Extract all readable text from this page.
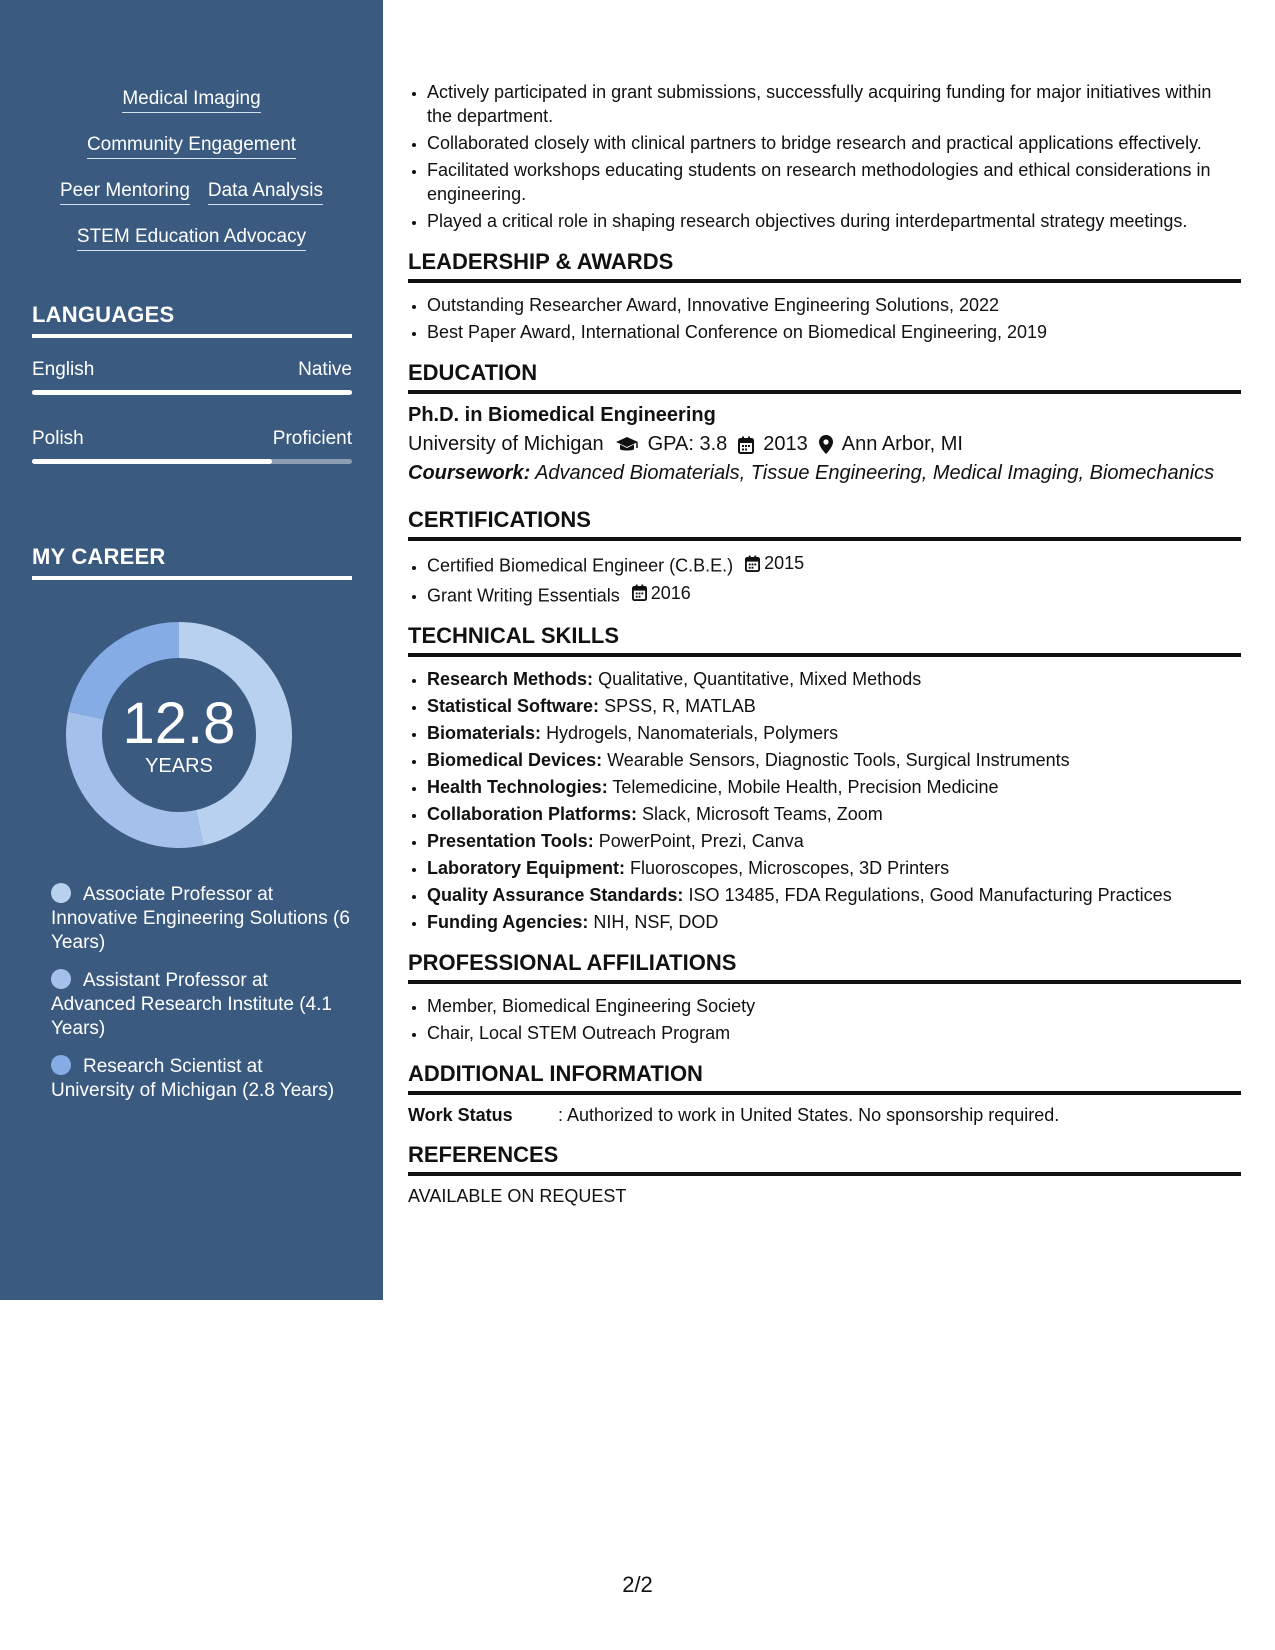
Medical Imaging
Community Engagement
Peer Mentoring Data Analysis
STEM Education Advocacy
LANGUAGES
English	Native
Polish	Proficient
MY CAREER
12.8
YEARS
Associate Professor at Innovative Engineering Solutions (6 Years)
Assistant Professor at Advanced Research Institute (4.1 Years)
Research Scientist at University of Michigan (2.8 Years)
• Actively participated in grant submissions, successfully acquiring funding for major initiatives within the department.
• Collaborated closely with clinical partners to bridge research and practical applications effectively.
• Facilitated workshops educating students on research methodologies and ethical considerations in engineering.
• Played a critical role in shaping research objectives during interdepartmental strategy meetings.
LEADERSHIP & AWARDS
• Outstanding Researcher Award, Innovative Engineering Solutions, 2022
• Best Paper Award, International Conference on Biomedical Engineering, 2019
EDUCATION
Ph.D. in Biomedical Engineering
University of Michigan GPA: 3.8 2013 Ann Arbor, MI
Coursework: Advanced Biomaterials, Tissue Engineering, Medical Imaging, Biomechanics
CERTIFICATIONS
• Certified Biomedical Engineer (C.B.E.) 2015
• Grant Writing Essentials 2016
TECHNICAL SKILLS
• Research Methods: Qualitative, Quantitative, Mixed Methods
• Statistical Software: SPSS, R, MATLAB
• Biomaterials: Hydrogels, Nanomaterials, Polymers
• Biomedical Devices: Wearable Sensors, Diagnostic Tools, Surgical Instruments
• Health Technologies: Telemedicine, Mobile Health, Precision Medicine
• Collaboration Platforms: Slack, Microsoft Teams, Zoom
• Presentation Tools: PowerPoint, Prezi, Canva
• Laboratory Equipment: Fluoroscopes, Microscopes, 3D Printers
• Quality Assurance Standards: ISO 13485, FDA Regulations, Good Manufacturing Practices
• Funding Agencies: NIH, NSF, DOD
PROFESSIONAL AFFILIATIONS
• Member, Biomedical Engineering Society
• Chair, Local STEM Outreach Program
ADDITIONAL INFORMATION
Work Status	: Authorized to work in United States. No sponsorship required.
REFERENCES
AVAILABLE ON REQUEST
2/2
